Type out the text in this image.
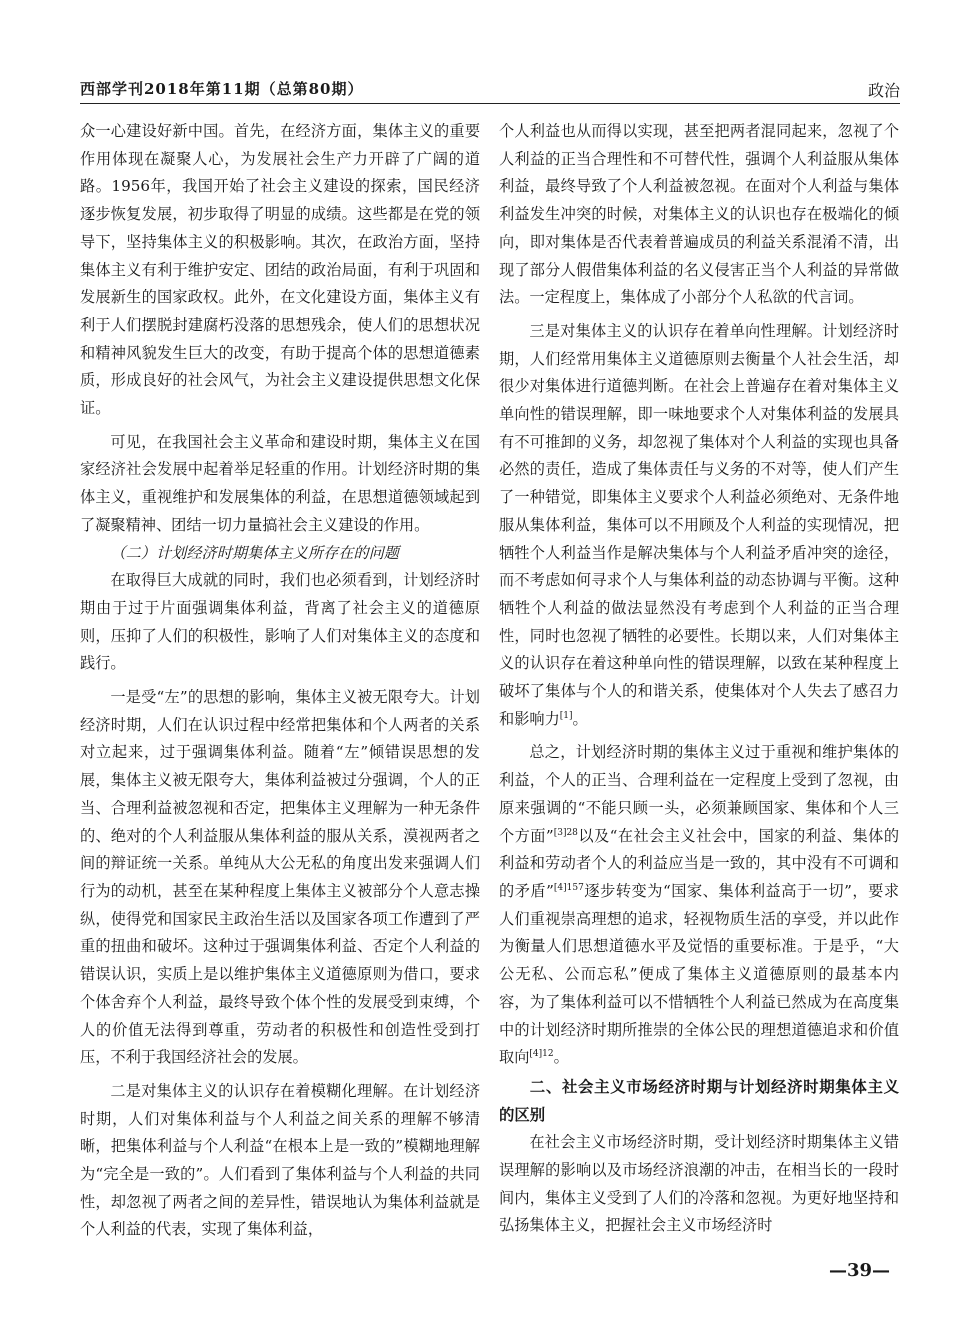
西部学刊2018年第11期（总第80期）	政治

众一心建设好新中国。首先，在经济方面，集体主义的重要作用体现在凝聚人心，为发展社会生产力开辟了广阔的道路。1956年，我国开始了社会主义建设的探索，国民经济逐步恢复发展，初步取得了明显的成绩。这些都是在党的领导下，坚持集体主义的积极影响。其次，在政治方面，坚持集体主义有利于维护安定、团结的政治局面，有利于巩固和发展新生的国家政权。此外，在文化建设方面，集体主义有利于人们摆脱封建腐朽没落的思想残余，使人们的思想状况和精神风貌发生巨大的改变，有助于提高个体的思想道德素质，形成良好的社会风气，为社会主义建设提供思想文化保证。

可见，在我国社会主义革命和建设时期，集体主义在国家经济社会发展中起着举足轻重的作用。计划经济时期的集体主义，重视维护和发展集体的利益，在思想道德领域起到了凝聚精神、团结一切力量搞社会主义建设的作用。

（二）计划经济时期集体主义所存在的问题

在取得巨大成就的同时，我们也必须看到，计划经济时期由于过于片面强调集体利益，背离了社会主义的道德原则，压抑了人们的积极性，影响了人们对集体主义的态度和践行。

一是受“左”的思想的影响，集体主义被无限夸大。计划经济时期，人们在认识过程中经常把集体和个人两者的关系对立起来，过于强调集体利益。随着“左”倾错误思想的发展，集体主义被无限夸大，集体利益被过分强调，个人的正当、合理利益被忽视和否定，把集体主义理解为一种无条件的、绝对的个人利益服从集体利益的服从关系，漠视两者之间的辩证统一关系。单纯从大公无私的角度出发来强调人们行为的动机，甚至在某种程度上集体主义被部分个人意志操纵，使得党和国家民主政治生活以及国家各项工作遭到了严重的扭曲和破坏。这种过于强调集体利益、否定个人利益的错误认识，实质上是以维护集体主义道德原则为借口，要求个体舍弃个人利益，最终导致个体个性的发展受到束缚，个人的价值无法得到尊重，劳动者的积极性和创造性受到打压，不利于我国经济社会的发展。

二是对集体主义的认识存在着模糊化理解。在计划经济时期，人们对集体利益与个人利益之间关系的理解不够清晰，把集体利益与个人利益“在根本上是一致的”模糊地理解为“完全是一致的”。人们看到了集体利益与个人利益的共同性，却忽视了两者之间的差异性，错误地认为集体利益就是个人利益的代表，实现了集体利益，

个人利益也从而得以实现，甚至把两者混同起来，忽视了个人利益的正当合理性和不可替代性，强调个人利益服从集体利益，最终导致了个人利益被忽视。在面对个人利益与集体利益发生冲突的时候，对集体主义的认识也存在极端化的倾向，即对集体是否代表着普遍成员的利益关系混淆不清，出现了部分人假借集体利益的名义侵害正当个人利益的异常做法。一定程度上，集体成了小部分个人私欲的代言词。

三是对集体主义的认识存在着单向性理解。计划经济时期，人们经常用集体主义道德原则去衡量个人社会生活，却很少对集体进行道德判断。在社会上普遍存在着对集体主义单向性的错误理解，即一味地要求个人对集体利益的发展具有不可推卸的义务，却忽视了集体对个人利益的实现也具备必然的责任，造成了集体责任与义务的不对等，使人们产生了一种错觉，即集体主义要求个人利益必须绝对、无条件地服从集体利益，集体可以不用顾及个人利益的实现情况，把牺牲个人利益当作是解决集体与个人利益矛盾冲突的途径，而不考虑如何寻求个人与集体利益的动态协调与平衡。这种牺牲个人利益的做法显然没有考虑到个人利益的正当合理性，同时也忽视了牺牲的必要性。长期以来，人们对集体主义的认识存在着这种单向性的错误理解，以致在某种程度上破坏了集体与个人的和谐关系，使集体对个人失去了感召力和影响力[1]。

总之，计划经济时期的集体主义过于重视和维护集体的利益，个人的正当、合理利益在一定程度上受到了忽视，由原来强调的“不能只顾一头，必须兼顾国家、集体和个人三个方面”$^{[3]28}$以及“在社会主义社会中，国家的利益、集体的利益和劳动者个人的利益应当是一致的，其中没有不可调和的矛盾”$^{[4]157}$逐步转变为“国家、集体利益高于一切”，要求人们重视崇高理想的追求，轻视物质生活的享受，并以此作为衡量人们思想道德水平及觉悟的重要标准。于是乎，“大公无私、公而忘私”便成了集体主义道德原则的最基本内容，为了集体利益可以不惜牺牲个人利益已然成为在高度集中的计划经济时期所推崇的全体公民的理想道德追求和价值取向$^{[4]12}$。

二、社会主义市场经济时期与计划经济时期集体主义的区别

在社会主义市场经济时期，受计划经济时期集体主义错误理解的影响以及市场经济浪潮的冲击，在相当长的一段时间内，集体主义受到了人们的冷落和忽视。为更好地坚持和弘扬集体主义，把握社会主义市场经济时

—39—
